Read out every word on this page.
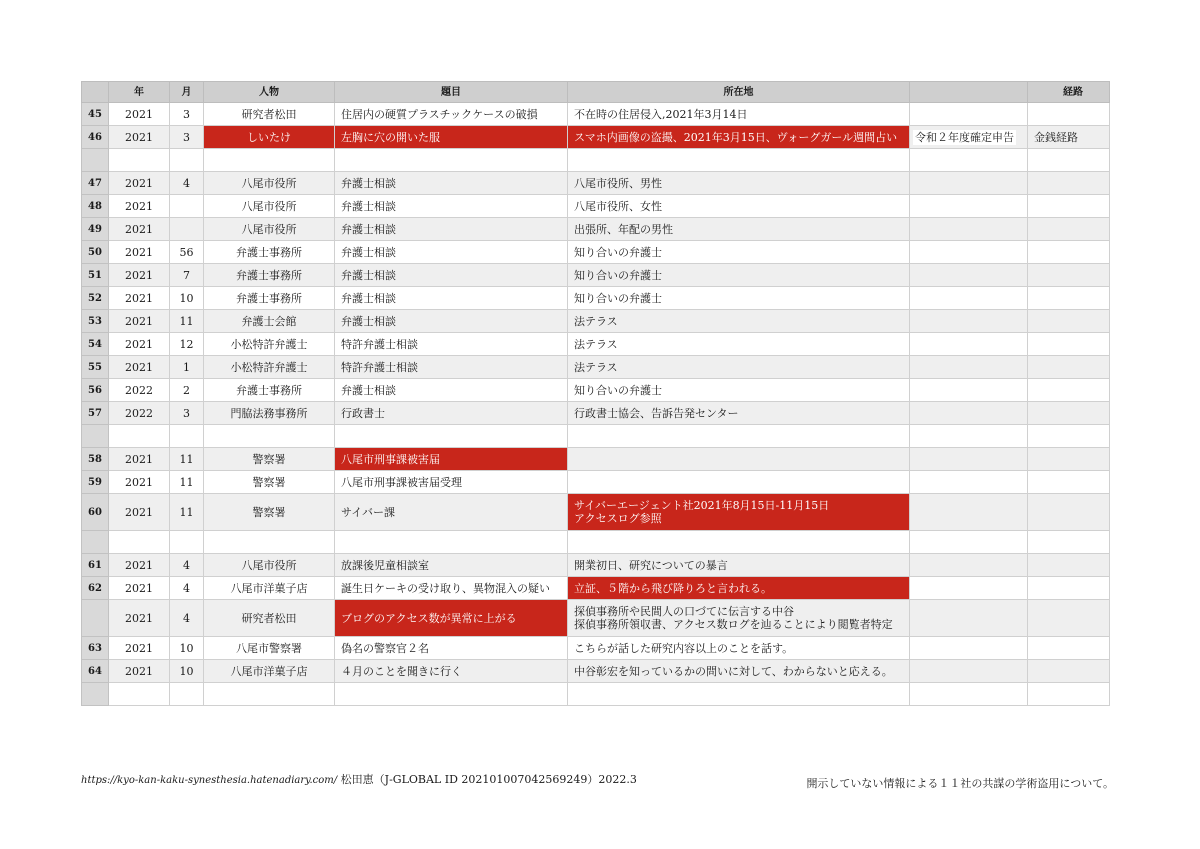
	年	月	人物	題目	所在地		経路
45	2021	3	研究者松田	住居内の硬質プラスチックケースの破損	不在時の住居侵入,2021年3月14日		
46	2021	3	しいたけ	左胸に穴の開いた服	スマホ内画像の盗撮、2021年3月15日、ヴォーグガール週間占い	令和２年度確定申告	金銭経路

47	2021	4	八尾市役所	弁護士相談	八尾市役所、男性		
48	2021		八尾市役所	弁護士相談	八尾市役所、女性		
49	2021		八尾市役所	弁護士相談	出張所、年配の男性		
50	2021	56	弁護士事務所	弁護士相談	知り合いの弁護士		
51	2021	7	弁護士事務所	弁護士相談	知り合いの弁護士		
52	2021	10	弁護士事務所	弁護士相談	知り合いの弁護士		
53	2021	11	弁護士会館	弁護士相談	法テラス		
54	2021	12	小松特許弁護士	特許弁護士相談	法テラス		
55	2021	1	小松特許弁護士	特許弁護士相談	法テラス		
56	2022	2	弁護士事務所	弁護士相談	知り合いの弁護士		
57	2022	3	門脇法務事務所	行政書士	行政書士協会、告訴告発センター		

58	2021	11	警察署	八尾市刑事課被害届			
59	2021	11	警察署	八尾市刑事課被害届受理			
60	2021	11	警察署	サイバー課	サイバーエージェント社2021年8月15日-11月15日
アクセスログ参照		

61	2021	4	八尾市役所	放課後児童相談室	開業初日、研究についての暴言		
62	2021	4	八尾市洋菓子店	誕生日ケーキの受け取り、異物混入の疑い	立証、５階から飛び降りろと言われる。		
	2021	4	研究者松田	ブログのアクセス数が異常に上がる	探偵事務所や民間人の口づてに伝言する中谷
探偵事務所領収書、アクセス数ログを辿ることにより閲覧者特定		

63	2021	10	八尾市警察署	偽名の警察官２名	こちらが話した研究内容以上のことを話す。		
64	2021	10	八尾市洋菓子店	４月のことを聞きに行く	中谷彰宏を知っているかの問いに対して、わからないと応える。		

https://kyo-kan-kaku-synesthesia.hatenadiary.com/ 松田恵（J-GLOBAL ID 202101007042569249）2022.3	開示していない情報による１１社の共謀の学術盗用について。
